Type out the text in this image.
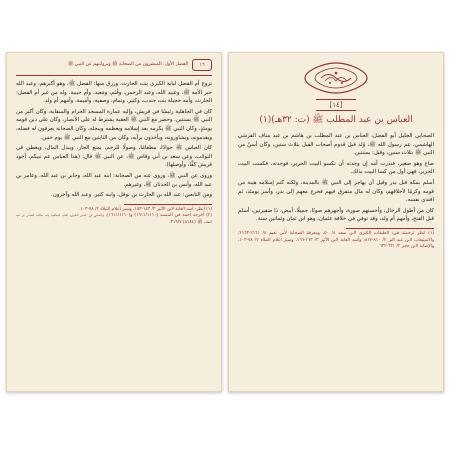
١٦
الفصل الأول: المبشرون من الصحابة ﷺ ويروايتهم عن النبي ﷺ

تزوج أم الفضل لبابة الكبرى بنت الحارث، وزرق منها: الفضل ﷺ، وهو أكبرهم، وعبد الله حبر الأمة ﷺ، وعبيد الله، وعبد الرحمن، وقُثم، ومَعبد، وأم حبيبة. وله من غير أم الفضل: الحارث، وأمه حجيلة بنت جندب، وكثير، وتمام، وصفية، وأميمة، وأمهم أم ولد.

كان في الجاهلية رئيسًا في قريش، وإليه عمارة المسجد الحرام والسقاية، وكان أكبر من النبي ﷺ بسنتين. وحضر مع النبي ﷺ العقبة يشترط له على الأنصار، وكان على دين قومه يومئذٍ، وكان النبي ﷺ يكرمه بعد إسلامه ويعظمه ويبجله، وكان الصحابة يعرفون له فضله، ويقدمونه، ويشاورونه، ويأخذون برأيه، وكان من الثابتين مع النبي ﷺ يوم حنين.

كان العباس ﷺ جوادًا، مطعامًا، وصولًا للرحم، يمنع الجار، ويبذل المال، ويعطي في النوائب، وعن سعد بن أبي وقاص ﷺ، عن النبي ﷺ قال: (هذا العباس عم نبيكم، أجود قريش كفًّا، وأوصلها).

وروى عن النبي ﷺ، وروى عنه من الصحابة: ابنه عبد الله، وجابر بن عبد الله، وعامر بن عبد الله، وأنس بن الحدثان ﷺ، وغيرهم.

ومن التابعين: عبد الله بن الحارث بن نوفل، وابنه كثير، وعبد الله وآخرون.

(١) انظر: أسد الغابة لابن الأثير ٣/ ١٤٣-١٥٣، وسير أعلام النبلاء ٢/ ٧٨-١٠٣.

(٢) أخرجه أحمد في المسند (١٦١١/١١١٠) و(١٦١١/١١١٠)، والنسائي في السنن الكبرى، كتاب المناقب، باب مناقب العباس بن عبد المطلب ﷺ (٨١٨٤) ٣١٩/٧.

[١٤]
العباس بن عبد المطلب ﷺ (ت: ٣٢هـ)(١)

الصحابي الجليل أبو الفضل، العباس بن عبد المطلب بن هاشم بن عبد مناف القرشي الهاشمي، عم رسول الله ﷺ، وُلد قبل قدوم أصحاب الفيل بثلاث سنين، وكان أسنّ من النبي ﷺ بثلاث سنين، وقيل: بسنتين.

ضاع وهو صغير، فنذرت أمه إن وجدته أن تكسو البيت الحرير، فوجدته، فكست البيت الحرير، فهي أول من كسا البيت بذلك.

أسلم بمكة قبل بدر وقيل أن يهاجر إلى النبي ﷺ بالمدينة، ولكنه كتم إسلامه هيبة من قومه وكرمًا لأخلاقهم، وكان له مال متفرق فيهم فخرج معهم إلى بدر، وأسر يومئذ، ثم افتدى نفسه.

كان من أطول الرجال، وأحسنهم صورة، وأجهرهم صوتًا، جميلًا، أبيض، ذا ضفيرتين، أسلم قبل الفتح، وأمهم أم ولد، وقد توفي في خلافة عثمان، وهو ابن ثمان وثمانين سنة.

(١) انظر ترجمته في: الطبقات الكبرى لابن سعد ٤/ ٥٠، ومعرفة الصحابة لأبي نعيم ٤/ ٢١٦١-٢١٦٣، والاستيعاب لابن عبد البر ٢/ ٨١٠-٨١٧، وأسد الغابة لابن الأثير ٣/ ١٦٣-١٦٦، وسير أعلام النبلاء ٢/ ٧٨-١٠٣، والإصابة لابن حجر ٢/ ٦٣١-٦٣٢.
